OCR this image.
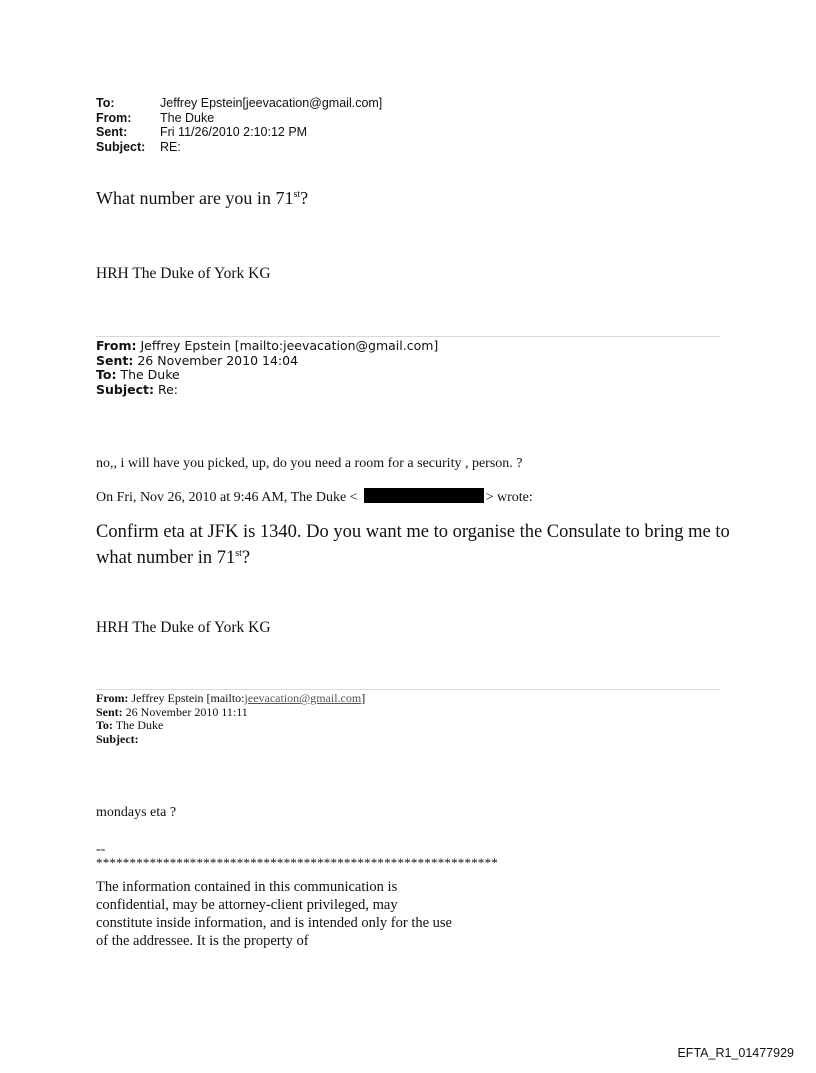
To:	Jeffrey Epstein[jeevacation@gmail.com]
From:	The Duke
Sent:	Fri 11/26/2010 2:10:12 PM
Subject:	RE:
What number are you in 71st?
HRH The Duke of York KG
From: Jeffrey Epstein [mailto:jeevacation@gmail.com]
Sent: 26 November 2010 14:04
To: The Duke
Subject: Re:
no,, i will have you picked, up, do you need a room for a security , person. ?
On Fri, Nov 26, 2010 at 9:46 AM, The Duke <	> wrote:
Confirm eta at JFK is 1340. Do you want me to organise the Consulate to bring me to what number in 71st?
HRH The Duke of York KG
From: Jeffrey Epstein [mailto:jeevacation@gmail.com]
Sent: 26 November 2010 11:11
To: The Duke
Subject:
mondays eta ?
--
************************************************************
The information contained in this communication is confidential, may be attorney-client privileged, may constitute inside information, and is intended only for the use of the addressee. It is the property of
EFTA_R1_01477929
